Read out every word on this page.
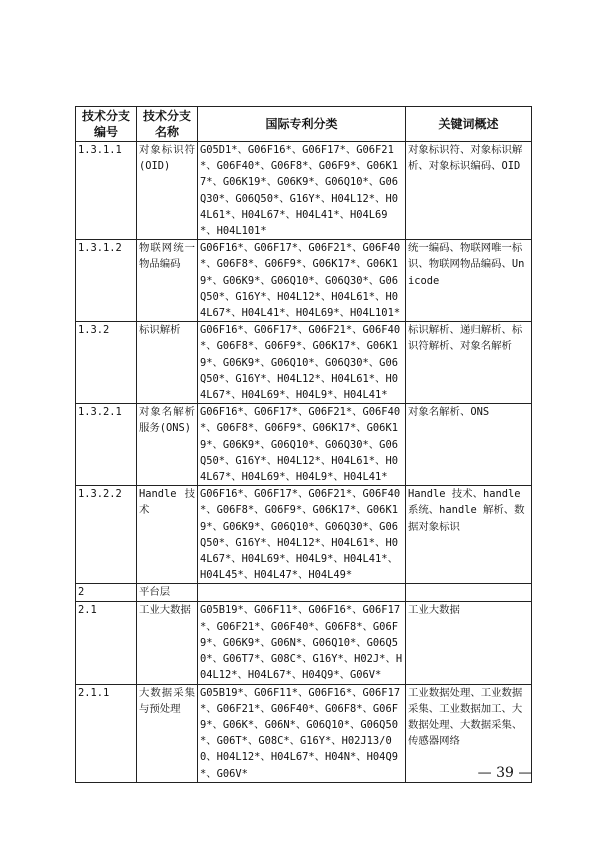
技术分支编号	技术分支名称	国际专利分类	关键词概述
1.3.1.1	对象标识符(OID)	G05D1*、G06F16*、G06F17*、G06F21*、G06F40*、G06F8*、G06F9*、G06K17*、G06K19*、G06K9*、G06Q10*、G06Q30*、G06Q50*、G16Y*、H04L12*、H04L61*、H04L67*、H04L41*、H04L69*、H04L101*	对象标识符、对象标识解析、对象标识编码、OID
1.3.1.2	物联网统一物品编码	G06F16*、G06F17*、G06F21*、G06F40*、G06F8*、G06F9*、G06K17*、G06K19*、G06K9*、G06Q10*、G06Q30*、G06Q50*、G16Y*、H04L12*、H04L61*、H04L67*、H04L41*、H04L69*、H04L101*	统一编码、物联网唯一标识、物联网物品编码、Unicode
1.3.2	标识解析	G06F16*、G06F17*、G06F21*、G06F40*、G06F8*、G06F9*、G06K17*、G06K19*、G06K9*、G06Q10*、G06Q30*、G06Q50*、G16Y*、H04L12*、H04L61*、H04L67*、H04L69*、H04L9*、H04L41*	标识解析、递归解析、标识符解析、对象名解析
1.3.2.1	对象名解析服务(ONS)	G06F16*、G06F17*、G06F21*、G06F40*、G06F8*、G06F9*、G06K17*、G06K19*、G06K9*、G06Q10*、G06Q30*、G06Q50*、G16Y*、H04L12*、H04L61*、H04L67*、H04L69*、H04L9*、H04L41*	对象名解析、ONS
1.3.2.2	Handle 技术	G06F16*、G06F17*、G06F21*、G06F40*、G06F8*、G06F9*、G06K17*、G06K19*、G06K9*、G06Q10*、G06Q30*、G06Q50*、G16Y*、H04L12*、H04L61*、H04L67*、H04L69*、H04L9*、H04L41*、H04L45*、H04L47*、H04L49*	Handle 技术、handle 系统、handle 解析、数据对象标识
2	平台层		
2.1	工业大数据	G05B19*、G06F11*、G06F16*、G06F17*、G06F21*、G06F40*、G06F8*、G06F9*、G06K9*、G06N*、G06Q10*、G06Q50*、G06T7*、G08C*、G16Y*、H02J*、H04L12*、H04L67*、H04Q9*、G06V*	工业大数据
2.1.1	大数据采集与预处理	G05B19*、G06F11*、G06F16*、G06F17*、G06F21*、G06F40*、G06F8*、G06F9*、G06K*、G06N*、G06Q10*、G06Q50*、G06T*、G08C*、G16Y*、H02J13/00、H04L12*、H04L67*、H04N*、H04Q9*、G06V*	工业数据处理、工业数据采集、工业数据加工、大数据处理、大数据采集、传感器网络
— 39 —
